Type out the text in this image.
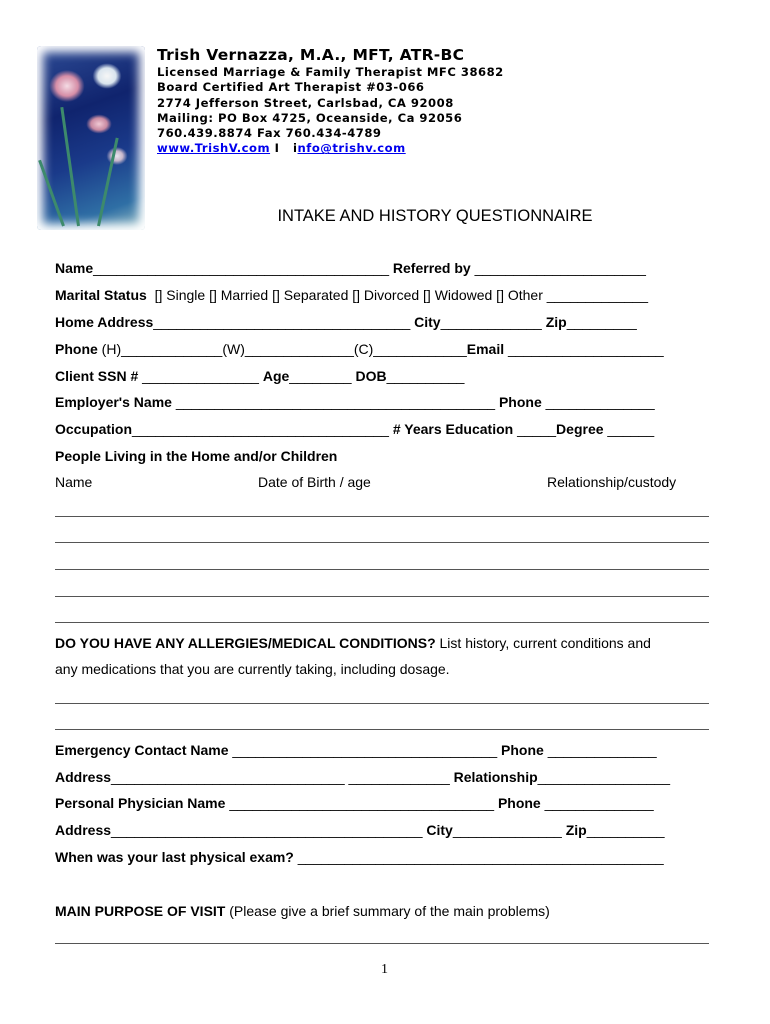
Trish Vernazza, M.A., MFT, ATR-BC
Licensed Marriage & Family Therapist MFC 38682
Board Certified Art Therapist #03-066
2774 Jefferson Street, Carlsbad, CA 92008
Mailing: PO Box 4725, Oceanside, Ca 92056
760.439.8874 Fax 760.434-4789
www.TrishV.com I   info@trishv.com
INTAKE AND HISTORY QUESTIONNAIRE
Name______________________________________ Referred by ______________________
Marital Status  [] Single [] Married [] Separated [] Divorced [] Widowed [] Other _____________
Home Address_________________________________ City_____________ Zip_________
Phone (H)_____________(W)______________(C)____________Email ____________________
Client SSN # _______________ Age________ DOB__________
Employer's Name _________________________________________ Phone ______________
Occupation_________________________________ # Years Education _____Degree ______
People Living in the Home and/or Children
Name	Date of Birth / age	Relationship/custody
DO YOU HAVE ANY ALLERGIES/MEDICAL CONDITIONS? List history, current conditions and
any medications that you are currently taking, including dosage.
Emergency Contact Name __________________________________ Phone ______________
Address______________________________ _____________ Relationship_________________
Personal Physician Name __________________________________ Phone ______________
Address________________________________________ City______________ Zip__________
When was your last physical exam? _______________________________________________
MAIN PURPOSE OF VISIT (Please give a brief summary of the main problems)
1
